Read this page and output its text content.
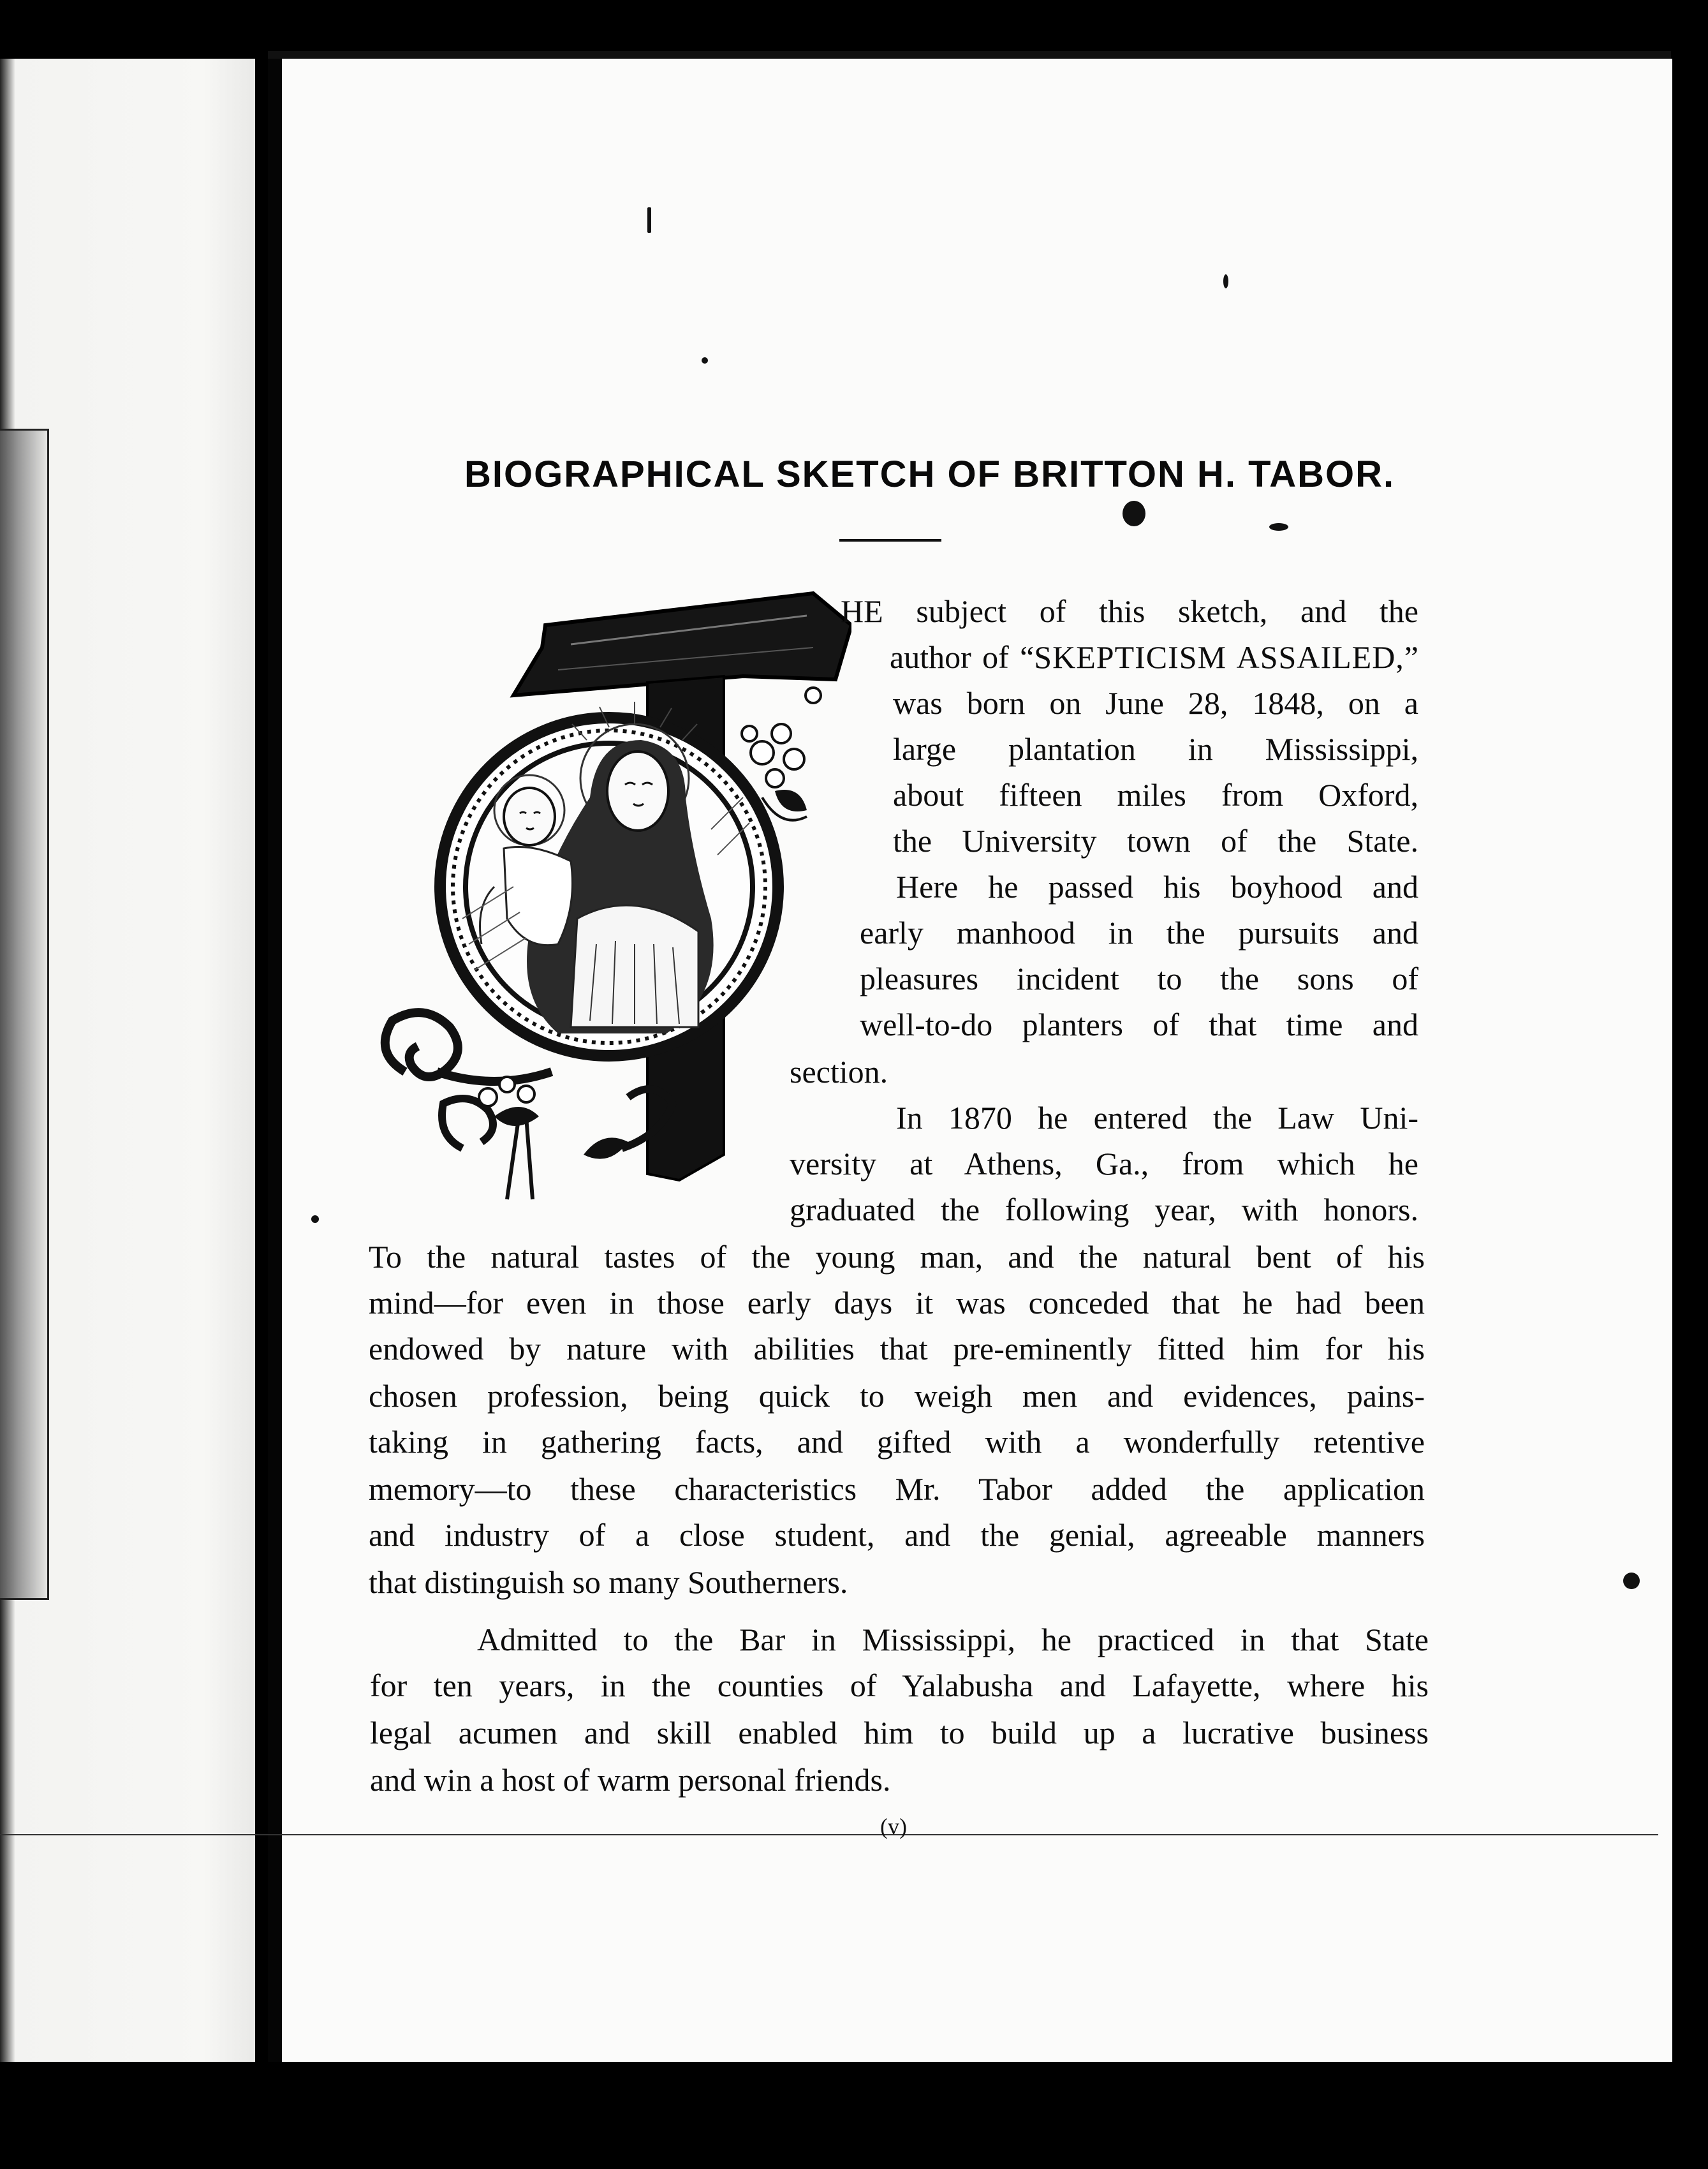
BIOGRAPHICAL SKETCH OF BRITTON H. TABOR.
HE subject of this sketch, and the
author of “SKEPTICISM ASSAILED,”
was born on June 28, 1848, on a
large plantation in Mississippi,
about fifteen miles from Oxford,
the University town of the State.
Here he passed his boyhood and
early manhood in the pursuits and
pleasures incident to the sons of
well-to-do planters of that time and
section.
In 1870 he entered the Law Uni-
versity at Athens, Ga., from which he
graduated the following year, with honors.
To the natural tastes of the young man, and the natural bent of his
mind—for even in those early days it was conceded that he had been
endowed by nature with abilities that pre-eminently fitted him for his
chosen profession, being quick to weigh men and evidences, pains-
taking in gathering facts, and gifted with a wonderfully retentive
memory—to these characteristics Mr. Tabor added the application
and industry of a close student, and the genial, agreeable manners
that distinguish so many Southerners.
Admitted to the Bar in Mississippi, he practiced in that State
for ten years, in the counties of Yalabusha and Lafayette, where his
legal acumen and skill enabled him to build up a lucrative business
and win a host of warm personal friends.
(v)
